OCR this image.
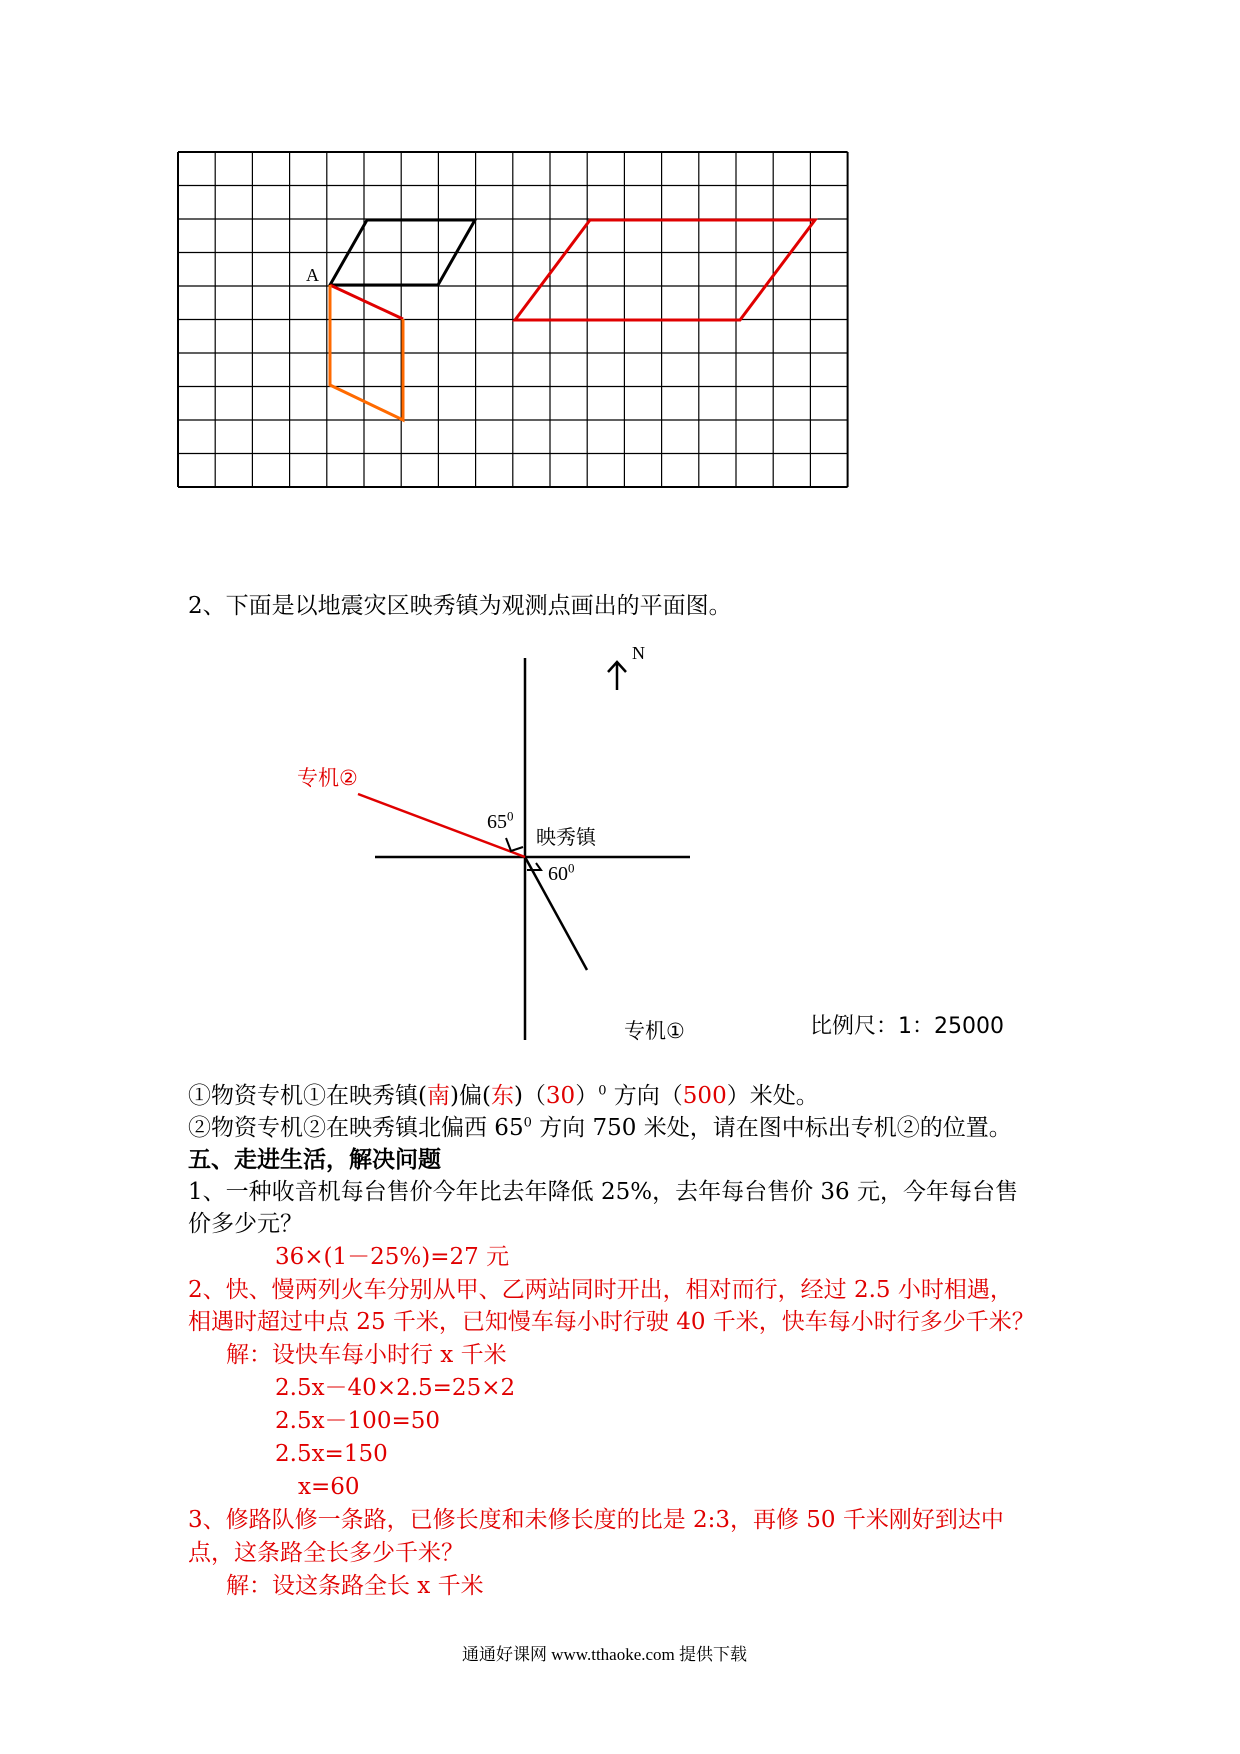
A
2、下面是以地震灾区映秀镇为观测点画出的平面图。
N
专机②
$65^0$
映秀镇
$60^0$
专机①	比例尺：1：25000
①物资专机①在映秀镇(南)偏(东)$(30)^0$ 方向（500）米处。
②物资专机②在映秀镇北偏西 $65^0$ 方向 750 米处，请在图中标出专机②的位置。
五、走进生活，解决问题
1、一种收音机每台售价今年比去年降低 25%，去年每台售价 36 元，今年每台售
价多少元？
36×(1－25%)=27 元
2、快、慢两列火车分别从甲、乙两站同时开出，相对而行，经过 2.5 小时相遇，
相遇时超过中点 25 千米，已知慢车每小时行驶 40 千米，快车每小时行多少千米？
解：设快车每小时行 x 千米
2.5x－40×2.5=25×2
2.5x－100=50
2.5x=150
x=60
3、修路队修一条路，已修长度和未修长度的比是 2:3，再修 50 千米刚好到达中
点，这条路全长多少千米？
解：设这条路全长 x 千米
通通好课网 www.tthaoke.com 提供下载
